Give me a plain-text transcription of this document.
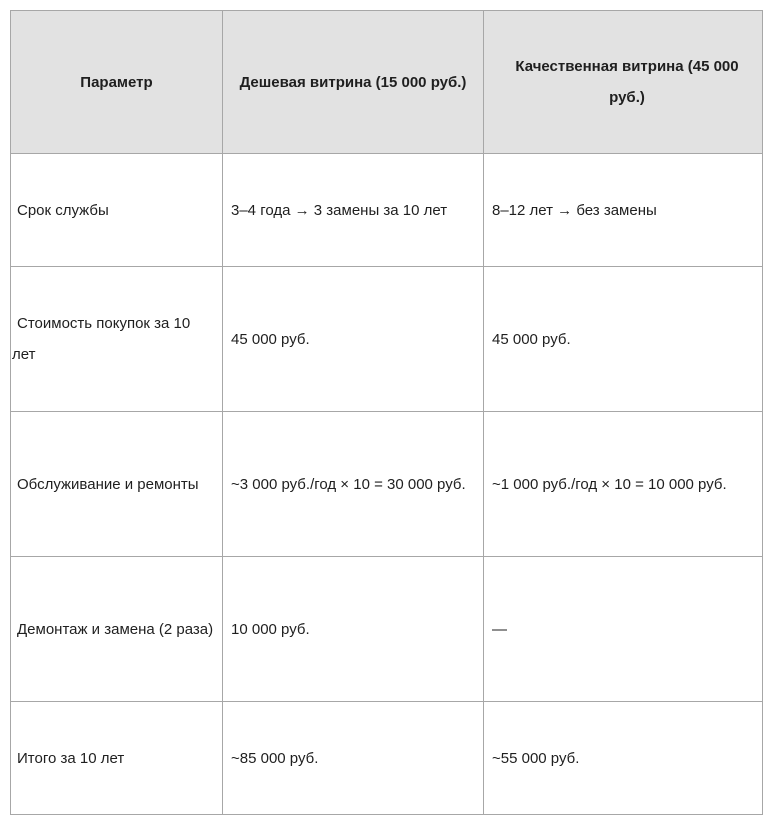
Параметр	Дешевая витрина (15 000 руб.)	Качественная витрина (45 000 руб.)
Срок службы	3–4 года → 3 замены за 10 лет	8–12 лет → без замены
Стоимость покупок за 10 лет	45 000 руб.	45 000 руб.
Обслуживание и ремонты	~3 000 руб./год × 10 = 30 000 руб.	~1 000 руб./год × 10 = 10 000 руб.
Демонтаж и замена (2 раза)	10 000 руб.	—
Итого за 10 лет	~85 000 руб.	~55 000 руб.
